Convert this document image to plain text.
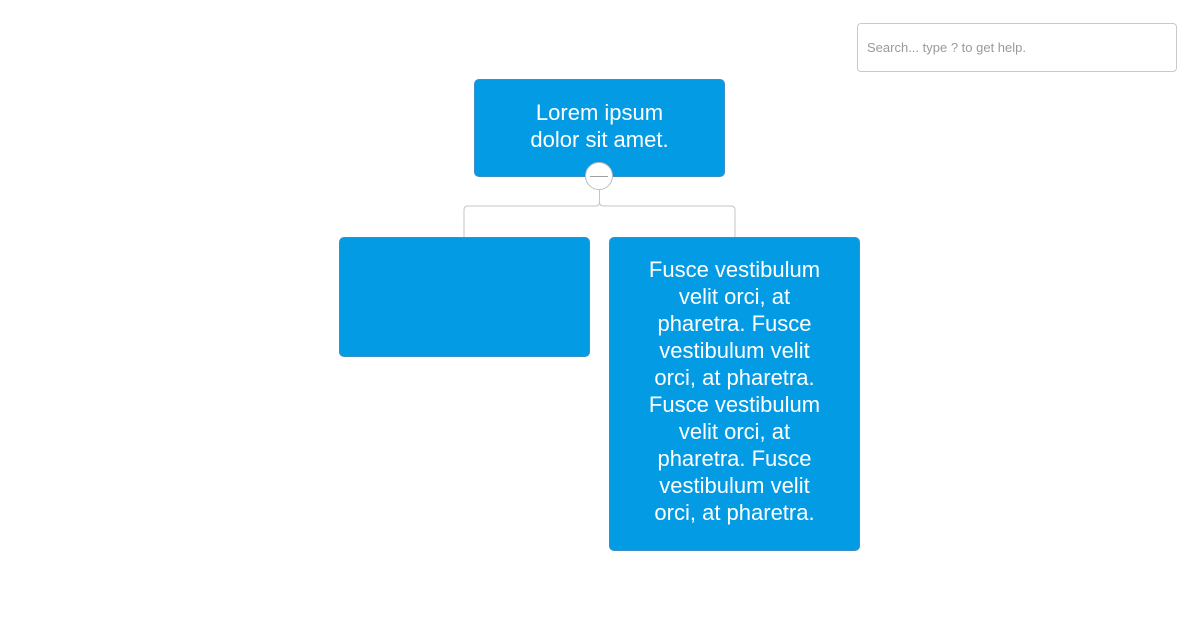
Search... type ? to get help.
Lorem ipsum dolor sit amet.
Fusce vestibulum velit orci, at pharetra. Fusce vestibulum velit orci, at pharetra. Fusce vestibulum velit orci, at pharetra. Fusce vestibulum velit orci, at pharetra.
